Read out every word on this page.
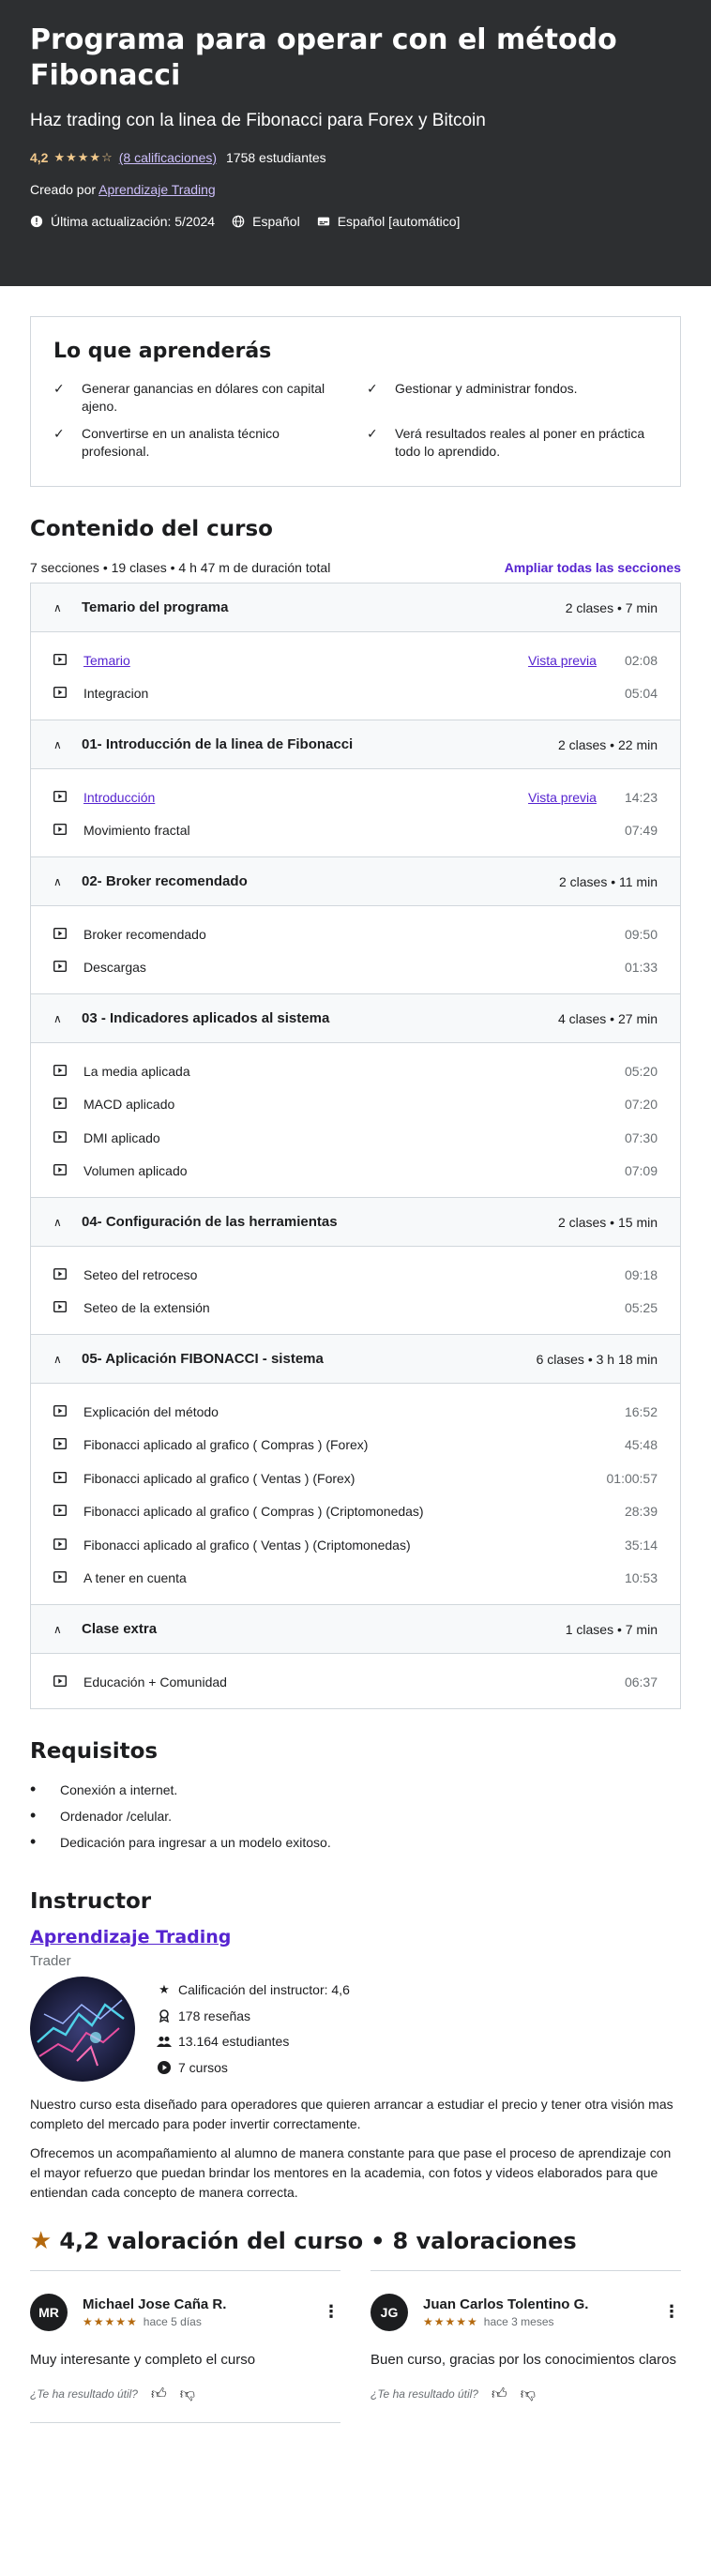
Programa para operar con el método Fibonacci
Haz trading con la linea de Fibonacci para Forex y Bitcoin
4,2 ★★★★☆ (8 calificaciones) 1758 estudiantes
Creado por Aprendizaje Trading
Última actualización: 5/2024	Español	Español [automático]
Lo que aprenderás
✓	Generar ganancias en dólares con capital ajeno.
✓	Gestionar y administrar fondos.
✓	Convertirse en un analista técnico profesional.
✓	Verá resultados reales al poner en práctica todo lo aprendido.
Contenido del curso
7 secciones • 19 clases • 4 h 47 m de duración total	Ampliar todas las secciones
∧	Temario del programa	2 clases • 7 min
Temario	Vista previa 02:08
Integracion	05:04
∧	01- Introducción de la linea de Fibonacci	2 clases • 22 min
Introducción	Vista previa 14:23
Movimiento fractal	07:49
∧	02- Broker recomendado	2 clases • 11 min
Broker recomendado	09:50
Descargas	01:33
∧	03 - Indicadores aplicados al sistema	4 clases • 27 min
La media aplicada	05:20
MACD aplicado	07:20
DMI aplicado	07:30
Volumen aplicado	07:09
∧	04- Configuración de las herramientas	2 clases • 15 min
Seteo del retroceso	09:18
Seteo de la extensión	05:25
∧	05- Aplicación FIBONACCI - sistema	6 clases • 3 h 18 min
Explicación del método	16:52
Fibonacci aplicado al grafico ( Compras ) (Forex)	45:48
Fibonacci aplicado al grafico ( Ventas ) (Forex)	01:00:57
Fibonacci aplicado al grafico ( Compras ) (Criptomonedas)	28:39
Fibonacci aplicado al grafico ( Ventas ) (Criptomonedas)	35:14
A tener en cuenta	10:53
∧	Clase extra	1 clases • 7 min
Educación + Comunidad	06:37
Requisitos
•	Conexión a internet.
•	Ordenador /celular.
•	Dedicación para ingresar a un modelo exitoso.
Instructor
Aprendizaje Trading
Trader
★ Calificación del instructor: 4,6
178 reseñas
13.164 estudiantes
7 cursos

Nuestro curso esta diseñado para operadores que quieren arrancar a estudiar el precio y tener otra visión mas completo del mercado para poder invertir correctamente.

Ofrecemos un acompañamiento al alumno de manera constante para que pase el proceso de aprendizaje con el mayor refuerzo que puedan brindar los mentores en la academia, con fotos y videos elaborados para que entiendan cada concepto de manera correcta.

★ 4,2 valoración del curso • 8 valoraciones
MR	Michael Jose Caña R.
★★★★★ hace 5 días
⋮
Muy interesante y completo el curso
¿Te ha resultado útil? 👍︎ 👎︎
JG	Juan Carlos Tolentino G.
★★★★★ hace 3 meses
⋮
Buen curso, gracias por los conocimientos claros
¿Te ha resultado útil? 👍︎ 👎︎
